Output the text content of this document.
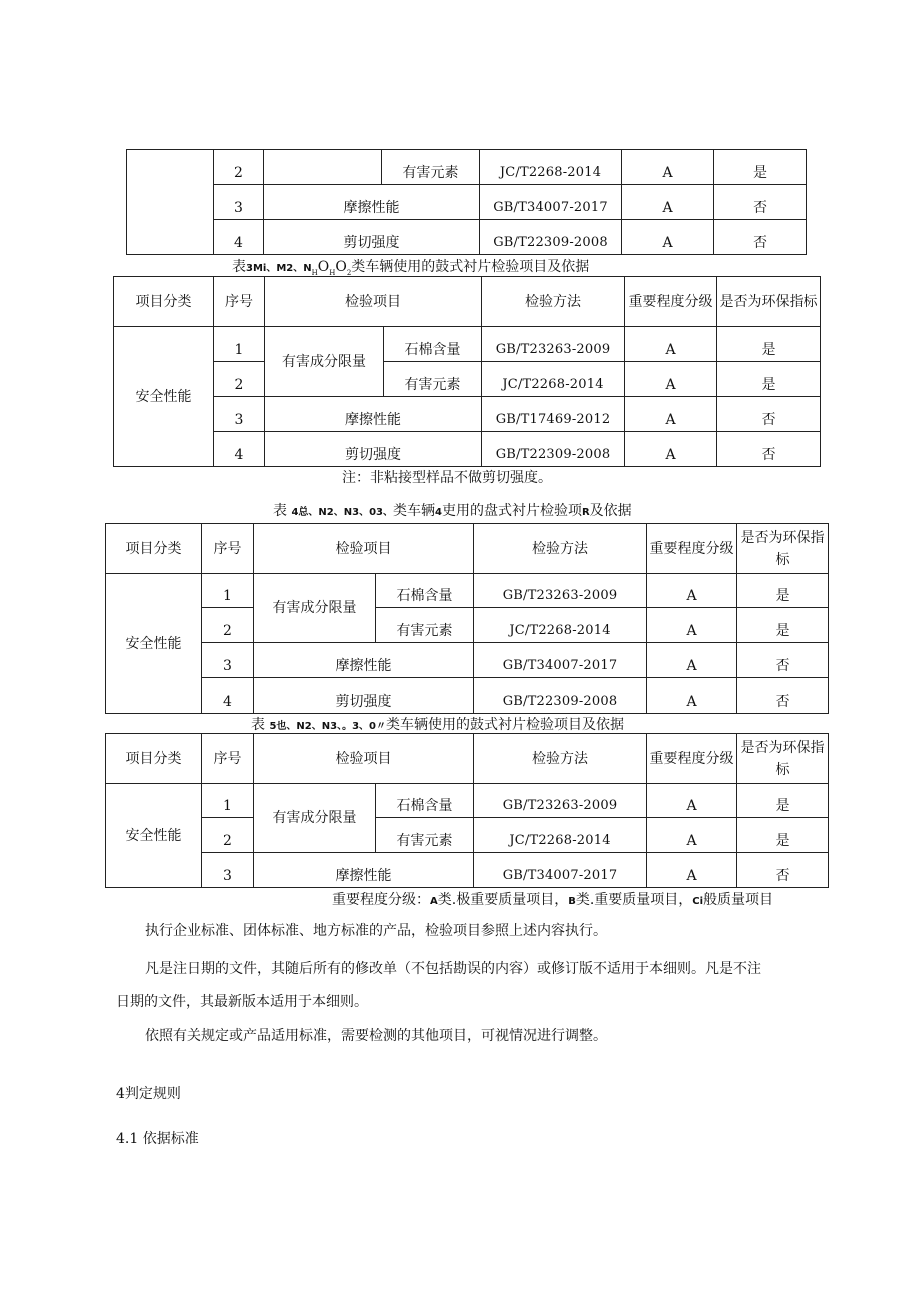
	2		有害元素	JC/T2268-2014	A	是
	3	摩擦性能		GB/T34007-2017	A	否
	4	剪切强度		GB/T22309-2008	A	否
表3Mi、M2、$N_HO_HO_2$类车辆使用的鼓式衬片检验项目及依据
项目分类	序号	检验项目		检验方法	重要程度分级	是否为环保指标
安全性能	1	有害成分限量	石棉含量	GB/T23263-2009	A	是
	2		有害元素	JC/T2268-2014	A	是
	3	摩擦性能		GB/T17469-2012	A	否
	4	剪切强度		GB/T22309-2008	A	否
注：非粘接型样品不做剪切强度。
表 4总、N2、N3、03、类车辆4吏用的盘式衬片检验项R及依据
项目分类	序号	检验项目		检验方法	重要程度分级	是否为环保指标
安全性能	1	有害成分限量	石棉含量	GB/T23263-2009	A	是
	2		有害元素	JC/T2268-2014	A	是
	3	摩擦性能		GB/T34007-2017	A	否
	4	剪切强度		GB/T22309-2008	A	否
表 5也、N2、N3、。3、0〃类车辆使用的鼓式衬片检验项目及依据
项目分类	序号	检验项目		检验方法	重要程度分级	是否为环保指标
安全性能	1	有害成分限量	石棉含量	GB/T23263-2009	A	是
	2		有害元素	JC/T2268-2014	A	是
	3	摩擦性能		GB/T34007-2017	A	否
重要程度分级：A类.极重要质量项目，B类.重要质量项目，Ci般质量项目
执行企业标准、团体标准、地方标准的产品，检验项目参照上述内容执行。
凡是注日期的文件，其随后所有的修改单（不包括勘误的内容）或修订版不适用于本细则。凡是不注
日期的文件，其最新版本适用于本细则。
依照有关规定或产品适用标准，需要检测的其他项目，可视情况进行调整。
4判定规则
4.1 依据标准
